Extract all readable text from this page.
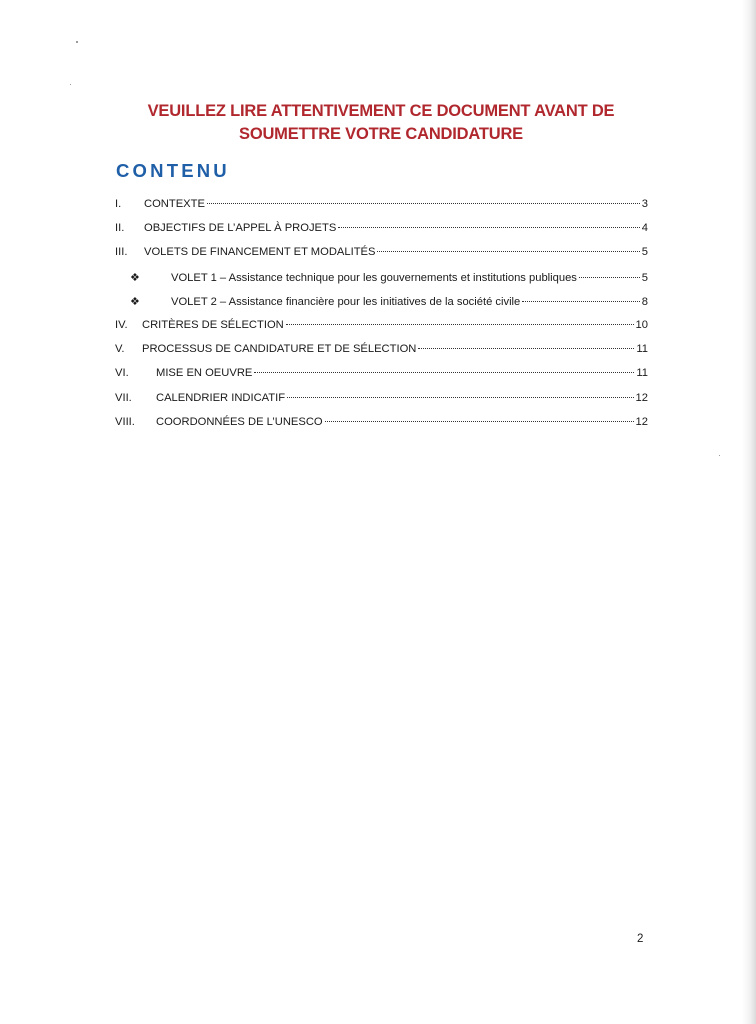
VEUILLEZ LIRE ATTENTIVEMENT CE DOCUMENT AVANT DE
SOUMETTRE VOTRE CANDIDATURE
CONTENU
I.	CONTEXTE	3
II.	OBJECTIFS DE L’APPEL À PROJETS	4
III.	VOLETS DE FINANCEMENT ET MODALITÉS	5
❖	VOLET 1 – Assistance technique pour les gouvernements et institutions publiques	5
❖	VOLET 2 – Assistance financière pour les initiatives de la société civile	8
IV.	CRITÈRES DE SÉLECTION	10
V.	PROCESSUS DE CANDIDATURE ET DE SÉLECTION	11
VI.	MISE EN OEUVRE	11
VII.	CALENDRIER INDICATIF	12
VIII.	COORDONNÉES DE L’UNESCO	12
2
